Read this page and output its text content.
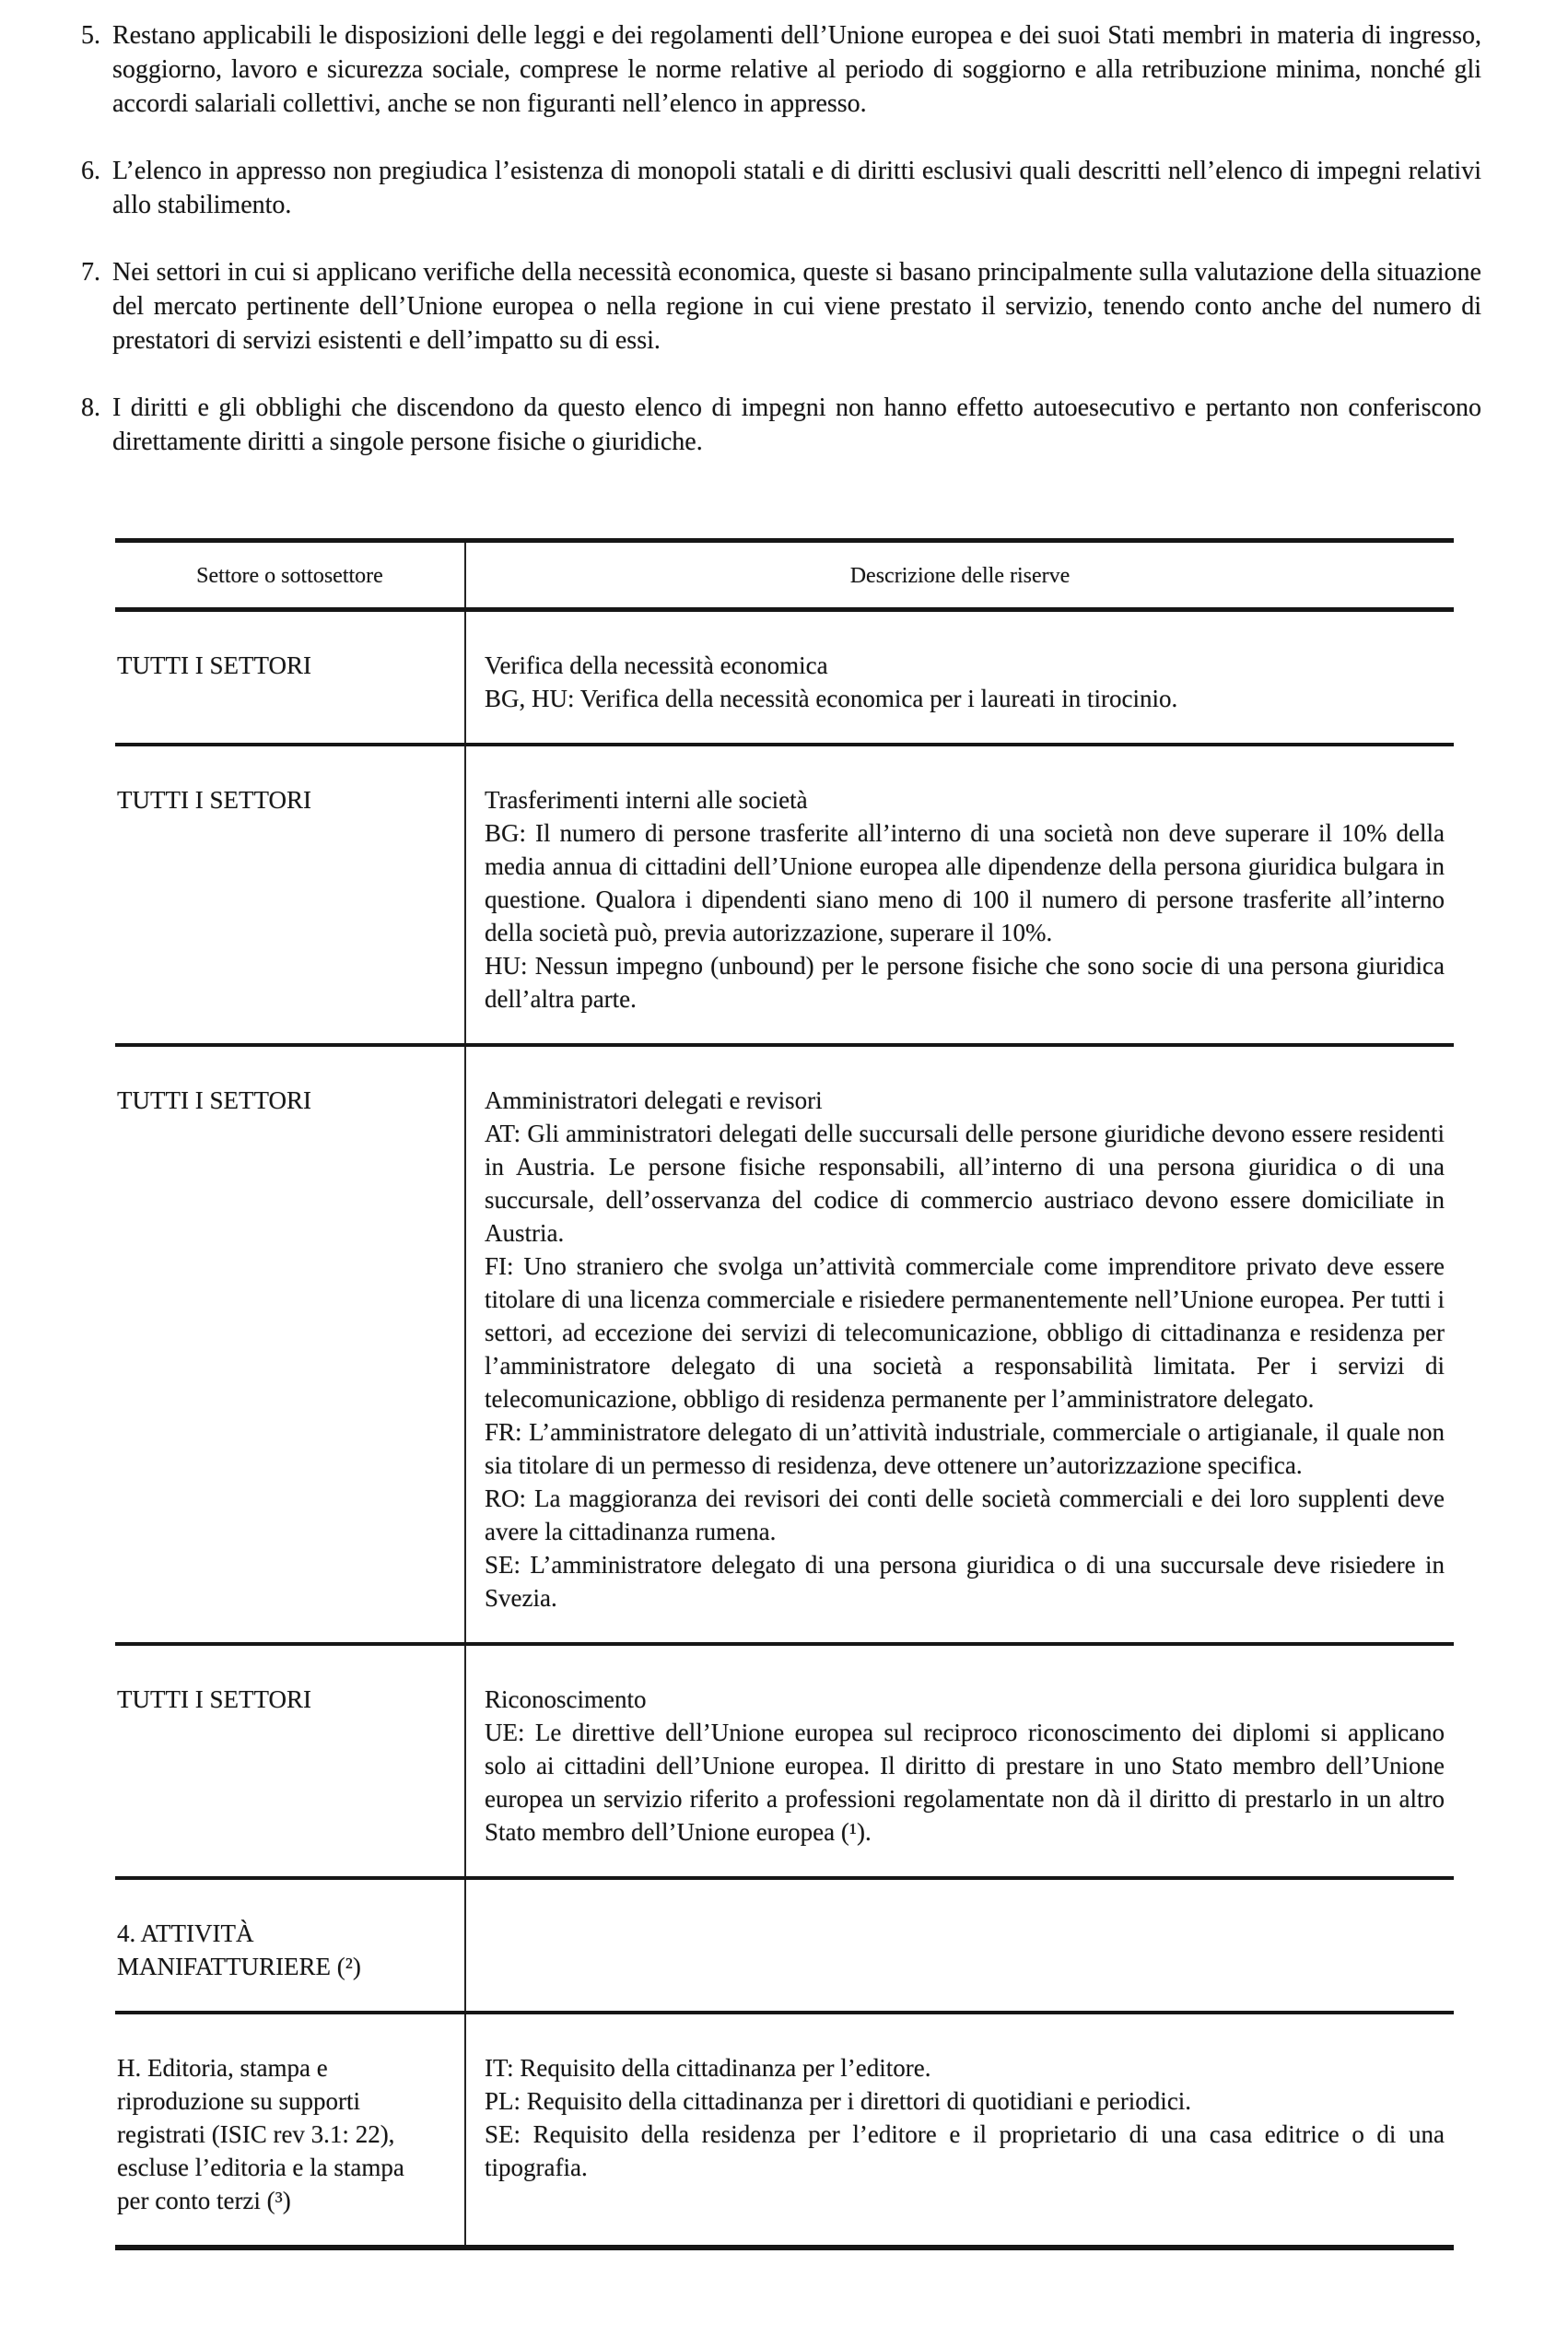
5. Restano applicabili le disposizioni delle leggi e dei regolamenti dell’Unione europea e dei suoi Stati membri in materia di ingresso, soggiorno, lavoro e sicurezza sociale, comprese le norme relative al periodo di soggiorno e alla retribuzione minima, nonché gli accordi salariali collettivi, anche se non figuranti nell’elenco in appresso.
6. L’elenco in appresso non pregiudica l’esistenza di monopoli statali e di diritti esclusivi quali descritti nell’elenco di impegni relativi allo stabilimento.
7. Nei settori in cui si applicano verifiche della necessità economica, queste si basano principalmente sulla valutazione della situazione del mercato pertinente dell’Unione europea o nella regione in cui viene prestato il servizio, tenendo conto anche del numero di prestatori di servizi esistenti e dell’impatto su di essi.
8. I diritti e gli obblighi che discendono da questo elenco di impegni non hanno effetto autoesecutivo e pertanto non conferiscono direttamente diritti a singole persone fisiche o giuridiche.
Settore o sottosettore	Descrizione delle riserve
TUTTI I SETTORI	Verifica della necessità economica
BG, HU: Verifica della necessità economica per i laureati in tirocinio.

TUTTI I SETTORI	Trasferimenti interni alle società
BG: Il numero di persone trasferite all’interno di una società non deve superare il 10% della media annua di cittadini dell’Unione europea alle dipendenze della persona giuridica bulgara in questione. Qualora i dipendenti siano meno di 100 il numero di persone trasferite all’interno della società può, previa autorizzazione, superare il 10%.
HU: Nessun impegno (unbound) per le persone fisiche che sono socie di una persona giuridica dell’altra parte.

TUTTI I SETTORI	Amministratori delegati e revisori
AT: Gli amministratori delegati delle succursali delle persone giuridiche devono essere residenti in Austria. Le persone fisiche responsabili, all’interno di una persona giuridica o di una succursale, dell’osservanza del codice di commercio austriaco devono essere domiciliate in Austria.
FI: Uno straniero che svolga un’attività commerciale come imprenditore privato deve essere titolare di una licenza commerciale e risiedere permanentemente nell’Unione europea. Per tutti i settori, ad eccezione dei servizi di telecomunicazione, obbligo di cittadinanza e residenza per l’amministratore delegato di una società a responsabilità limitata. Per i servizi di telecomunicazione, obbligo di residenza permanente per l’amministratore delegato.
FR: L’amministratore delegato di un’attività industriale, commerciale o artigianale, il quale non sia titolare di un permesso di residenza, deve ottenere un’autorizzazione specifica.
RO: La maggioranza dei revisori dei conti delle società commerciali e dei loro supplenti deve avere la cittadinanza rumena.
SE: L’amministratore delegato di una persona giuridica o di una succursale deve risiedere in Svezia.

TUTTI I SETTORI	Riconoscimento
UE: Le direttive dell’Unione europea sul reciproco riconoscimento dei diplomi si applicano solo ai cittadini dell’Unione europea. Il diritto di prestare in uno Stato membro dell’Unione europea un servizio riferito a professioni regolamentate non dà il diritto di prestarlo in un altro Stato membro dell’Unione europea (¹).

4. ATTIVITÀ MANIFATTURIERE (²)	
H. Editoria, stampa e riproduzione su supporti registrati (ISIC rev 3.1: 22), escluse l’editoria e la stampa per conto terzi (³)	IT: Requisito della cittadinanza per l’editore.
PL: Requisito della cittadinanza per i direttori di quotidiani e periodici.
SE: Requisito della residenza per l’editore e il proprietario di una casa editrice o di una tipografia.
